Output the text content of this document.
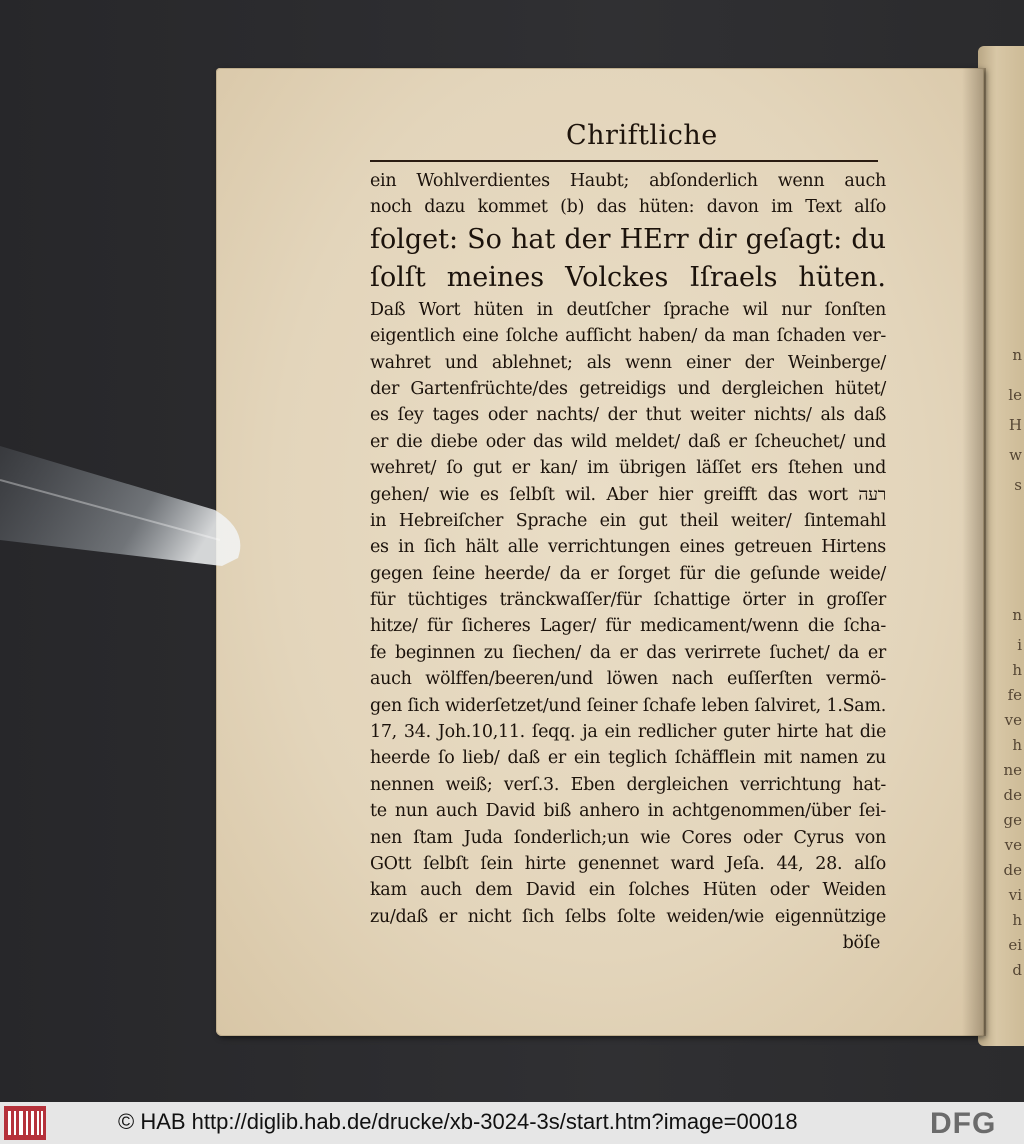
n
le
H
w
s
n
i
h
fe
ve
h
ne
de
ge
ve
de
vi
h
ei
d
Chriftliche
ein Wohlverdientes Haubt; abſonderlich wenn auch
noch dazu kommet (b) das hüten: davon im Text alſo
folget: So hat der HErr dir geſagt: du
ſolſt meines Volckes Iſraels hüten.
Daß Wort hüten in deutſcher ſprache wil nur ſonſten
eigentlich eine ſolche aufſicht haben/ da man ſchaden ver-
wahret und ablehnet; als wenn einer der Weinberge/
der Gartenfrüchte/des getreidigs und dergleichen hütet/
es ſey tages oder nachts/ der thut weiter nichts/ als daß
er die diebe oder das wild meldet/ daß er ſcheuchet/ und
wehret/ ſo gut er kan/ im übrigen läſſet ers ſtehen und
gehen/ wie es ſelbſt wil. Aber hier greifft das wort רעה
in Hebreiſcher Sprache ein gut theil weiter/ ſintemahl
es in ſich hält alle verrichtungen eines getreuen Hirtens
gegen ſeine heerde/ da er ſorget für die geſunde weide/
für tüchtiges tränckwaſſer/für ſchattige örter in groſſer
hitze/ für ſicheres Lager/ für medicament/wenn die ſcha-
fe beginnen zu ſiechen/ da er das verirrete ſuchet/ da er
auch wölffen/beeren/und löwen nach euſſerſten vermö-
gen ſich widerſetzet/und ſeiner ſchafe leben ſalviret, 1.Sam.
17, 34. Joh.10,11. ſeqq. ja ein redlicher guter hirte hat die
heerde ſo lieb/ daß er ein teglich ſchäfflein mit namen zu
nennen weiß; verſ.3. Eben dergleichen verrichtung hat-
te nun auch David biß anhero in achtgenommen/über ſei-
nen ſtam Juda ſonderlich;un wie Cores oder Cyrus von
GOtt ſelbſt ſein hirte genennet ward Jeſa. 44, 28. alſo
kam auch dem David ein ſolches Hüten oder Weiden
zu/daß er nicht ſich ſelbs ſolte weiden/wie eigennützige
böſe
© HAB http://diglib.hab.de/drucke/xb-3024-3s/start.htm?image=00018	DFG
